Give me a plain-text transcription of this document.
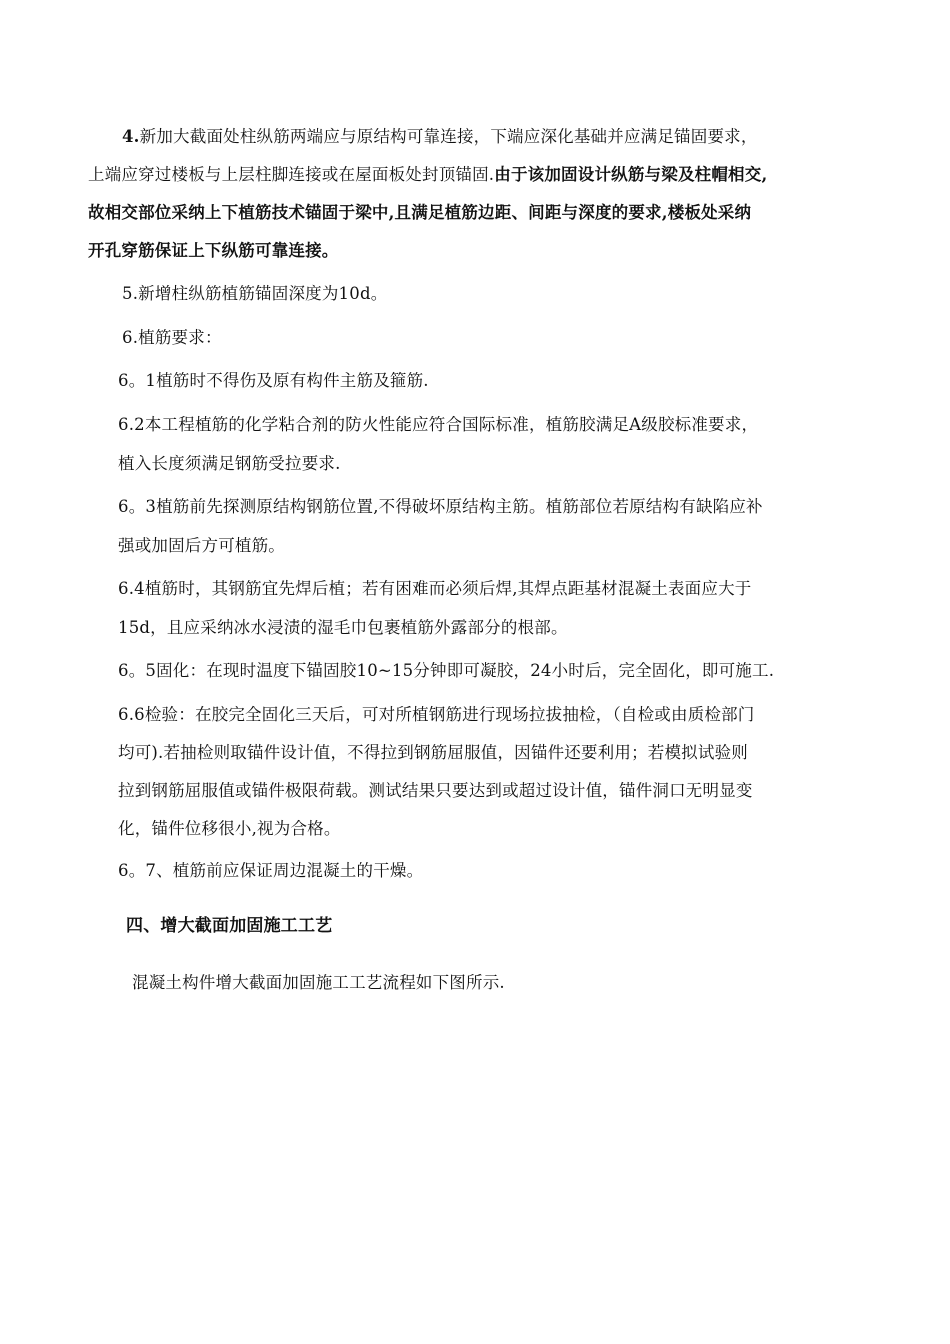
4.新加大截面处柱纵筋两端应与原结构可靠连接，下端应深化基础并应满足锚固要求，
上端应穿过楼板与上层柱脚连接或在屋面板处封顶锚固.由于该加固设计纵筋与梁及柱帽相交,
故相交部位采纳上下植筋技术锚固于梁中,且满足植筋边距、间距与深度的要求,楼板处采纳
开孔穿筋保证上下纵筋可靠连接。
5.新增柱纵筋植筋锚固深度为10d。
6.植筋要求：
6。1植筋时不得伤及原有构件主筋及箍筋.
6.2本工程植筋的化学粘合剂的防火性能应符合国际标准，植筋胶满足A级胶标准要求，
植入长度须满足钢筋受拉要求.
6。3植筋前先探测原结构钢筋位置,不得破坏原结构主筋。植筋部位若原结构有缺陷应补
强或加固后方可植筋。
6.4植筋时，其钢筋宜先焊后植；若有困难而必须后焊,其焊点距基材混凝土表面应大于
15d，且应采纳冰水浸渍的湿毛巾包裹植筋外露部分的根部。
6。5固化：在现时温度下锚固胶10~15分钟即可凝胶，24小时后，完全固化，即可施工.
6.6检验：在胶完全固化三天后，可对所植钢筋进行现场拉拔抽检，（自检或由质检部门
均可).若抽检则取锚件设计值，不得拉到钢筋屈服值，因锚件还要利用；若模拟试验则
拉到钢筋屈服值或锚件极限荷载。测试结果只要达到或超过设计值，锚件洞口无明显变
化，锚件位移很小,视为合格。
6。7、植筋前应保证周边混凝土的干燥。
四、增大截面加固施工工艺
混凝土构件增大截面加固施工工艺流程如下图所示.
